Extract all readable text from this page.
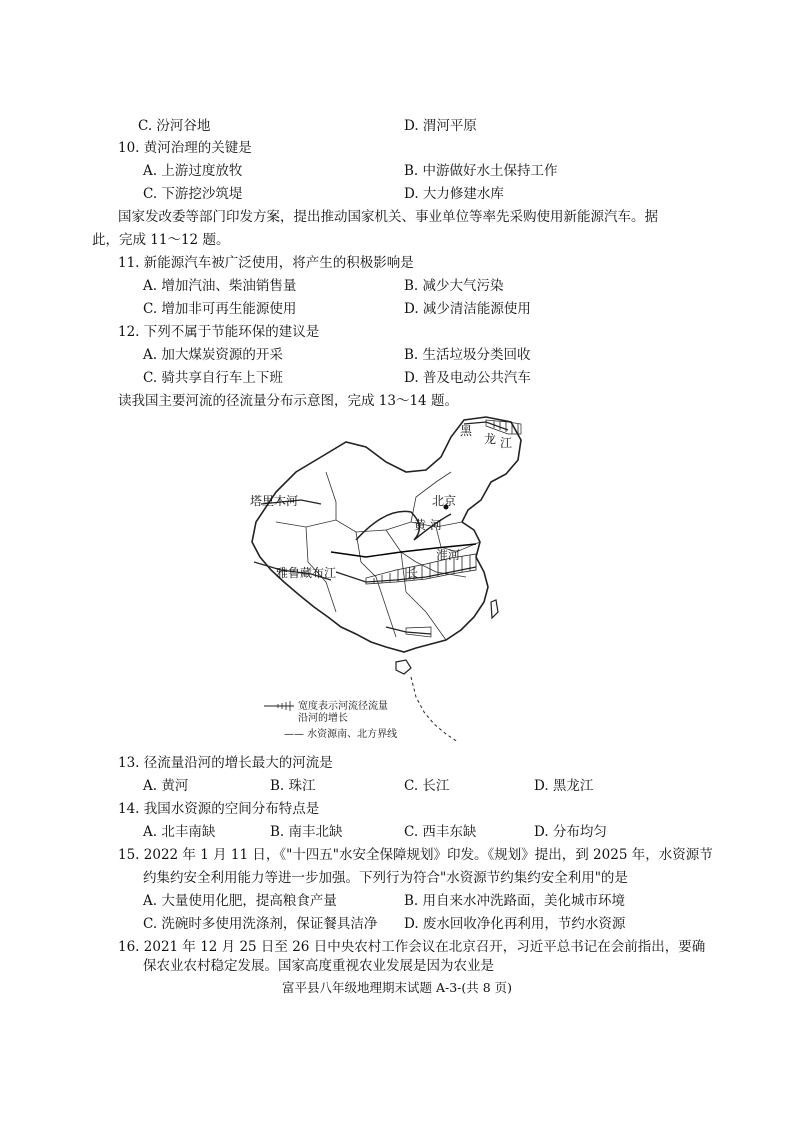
C. 汾河谷地	D. 渭河平原
10. 黄河治理的关键是
A. 上游过度放牧	B. 中游做好水土保持工作
C. 下游挖沙筑堤	D. 大力修建水库
国家发改委等部门印发方案，提出推动国家机关、事业单位等率先采购使用新能源汽车。据
此，完成 11～12 题。
11. 新能源汽车被广泛使用，将产生的积极影响是
A. 增加汽油、柴油销售量	B. 减少大气污染
C. 增加非可再生能源使用	D. 减少清洁能源使用
12. 下列不属于节能环保的建议是
A. 加大煤炭资源的开采	B. 生活垃圾分类回收
C. 骑共享自行车上下班	D. 普及电动公共汽车
读我国主要河流的径流量分布示意图，完成 13～14 题。
塔里木河
雅鲁藏布江
黄 河
北京
淮河
长
黑
龙 江
宽度表示河流径流量
沿河的增长
—— 水资源南、北方界线
13. 径流量沿河的增长最大的河流是
A. 黄河	B. 珠江	C. 长江	D. 黑龙江
14. 我国水资源的空间分布特点是
A. 北丰南缺	B. 南丰北缺	C. 西丰东缺	D. 分布均匀
15. 2022 年 1 月 11 日，《"十四五"水安全保障规划》印发。《规划》提出，到 2025 年，水资源节
约集约安全利用能力等进一步加强。下列行为符合"水资源节约集约安全利用"的是
A. 大量使用化肥，提高粮食产量	B. 用自来水冲洗路面，美化城市环境
C. 洗碗时多使用洗涤剂，保证餐具洁净 D. 废水回收净化再利用，节约水资源
16. 2021 年 12 月 25 日至 26 日中央农村工作会议在北京召开，习近平总书记在会前指出，要确
保农业农村稳定发展。国家高度重视农业发展是因为农业是
富平县八年级地理期末试题 A-3-(共 8 页)
